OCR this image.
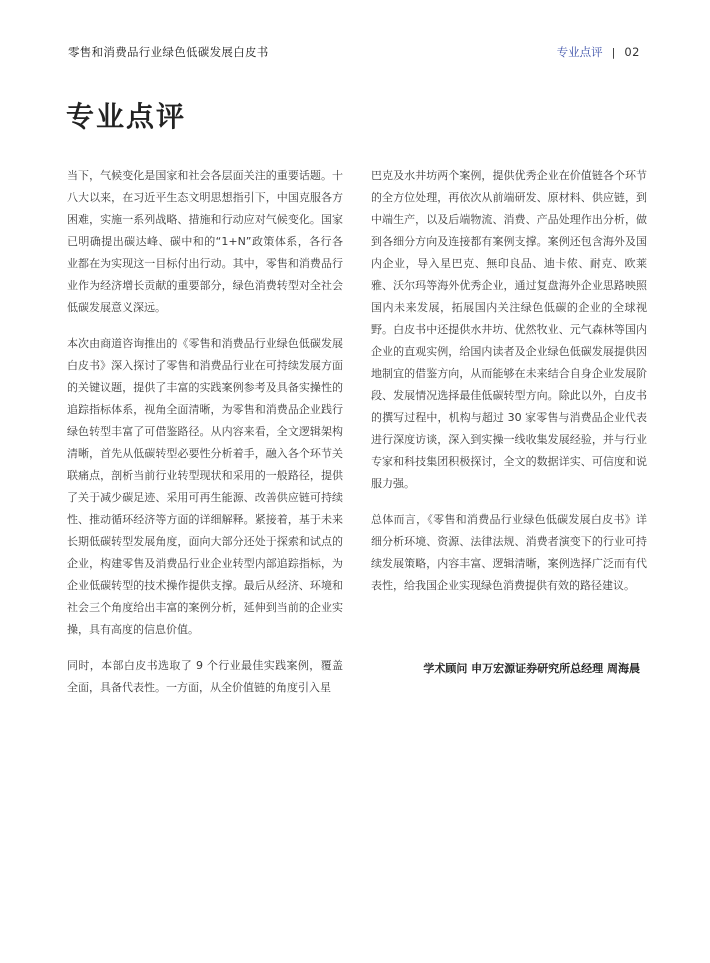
零售和消费品行业绿色低碳发展白皮书	专业点评 | 02
专业点评

当下，气候变化是国家和社会各层面关注的重要话题。十八大以来，在习近平生态文明思想指引下，中国克服各方困难，实施一系列战略、措施和行动应对气候变化。国家已明确提出碳达峰、碳中和的“1+N”政策体系，各行各业都在为实现这一目标付出行动。其中，零售和消费品行业作为经济增长贡献的重要部分，绿色消费转型对全社会低碳发展意义深远。

本次由商道咨询推出的《零售和消费品行业绿色低碳发展白皮书》深入探讨了零售和消费品行业在可持续发展方面的关键议题，提供了丰富的实践案例参考及具备实操性的追踪指标体系，视角全面清晰，为零售和消费品企业践行绿色转型丰富了可借鉴路径。从内容来看，全文逻辑架构清晰，首先从低碳转型必要性分析着手，融入各个环节关联痛点，剖析当前行业转型现状和采用的一般路径，提供了关于减少碳足迹、采用可再生能源、改善供应链可持续性、推动循环经济等方面的详细解释。紧接着，基于未来长期低碳转型发展角度，面向大部分还处于探索和试点的企业，构建零售及消费品行业企业转型内部追踪指标，为企业低碳转型的技术操作提供支撑。最后从经济、环境和社会三个角度给出丰富的案例分析，延伸到当前的企业实操，具有高度的信息价值。

同时，本部白皮书选取了 9 个行业最佳实践案例，覆盖全面，具备代表性。一方面，从全价值链的角度引入星

巴克及水井坊两个案例，提供优秀企业在价值链各个环节的全方位处理，再依次从前端研发、原材料、供应链，到中端生产，以及后端物流、消费、产品处理作出分析，做到各细分方向及连接都有案例支撑。案例还包含海外及国内企业，导入星巴克、無印良品、迪卡侬、耐克、欧莱雅、沃尔玛等海外优秀企业，通过复盘海外企业思路映照国内未来发展，拓展国内关注绿色低碳的企业的全球视野。白皮书中还提供水井坊、优然牧业、元气森林等国内企业的直观实例，给国内读者及企业绿色低碳发展提供因地制宜的借鉴方向，从而能够在未来结合自身企业发展阶段、发展情况选择最佳低碳转型方向。除此以外，白皮书的撰写过程中，机构与超过 30 家零售与消费品企业代表进行深度访谈，深入到实操一线收集发展经验，并与行业专家和科技集团积极探讨，全文的数据详实、可信度和说服力强。

总体而言，《零售和消费品行业绿色低碳发展白皮书》详细分析环境、资源、法律法规、消费者演变下的行业可持续发展策略，内容丰富、逻辑清晰，案例选择广泛而有代表性，给我国企业实现绿色消费提供有效的路径建议。

学术顾问 申万宏源证券研究所总经理 周海晨
